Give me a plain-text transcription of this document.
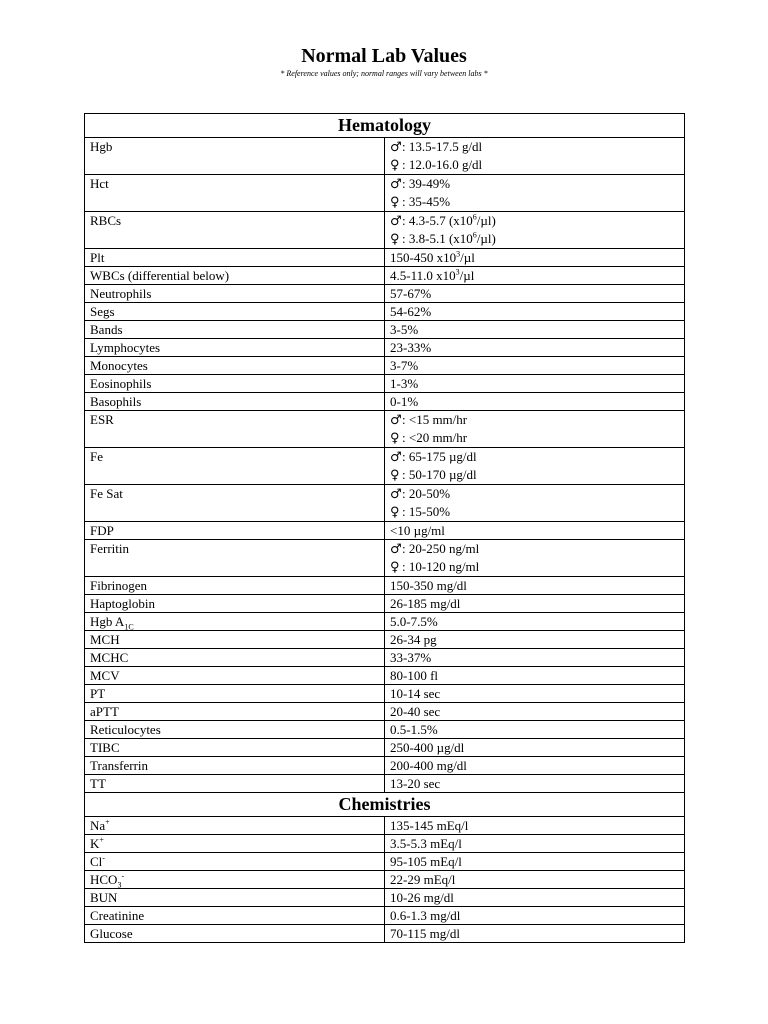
Normal Lab Values
* Reference values only; normal ranges will vary between labs *
Hematology	
Hgb	♂: 13.5-17.5 g/dl
♀ : 12.0-16.0 g/dl

Hct	♂: 39-49%
♀ : 35-45%

RBCs	♂: 4.3-5.7 $(x10^6/\mu l)$
♀ : 3.8-5.1 $(x10^6/\mu l)$

Plt	150-450 $x10^3/\mu l$
WBCs (differential below)	4.5-11.0 $x10^3/\mu l$
Neutrophils	57-67%
Segs	54-62%
Bands	3-5%
Lymphocytes	23-33%
Monocytes	3-7%
Eosinophils	1-3%
Basophils	0-1%
ESR	♂: <15 mm/hr
♀ : <20 mm/hr

Fe	♂: 65-175 µg/dl
♀ : 50-170 µg/dl

Fe Sat	♂: 20-50%
♀ : 15-50%

FDP	<10 µg/ml
Ferritin	♂: 20-250 ng/ml
♀ : 10-120 ng/ml

Fibrinogen	150-350 mg/dl
Haptoglobin	26-185 mg/dl
Hgb $A_{1C}$	5.0-7.5%
MCH	26-34 pg
MCHC	33-37%
MCV	80-100 fl
PT	10-14 sec
aPTT	20-40 sec
Reticulocytes	0.5-1.5%
TIBC	250-400 µg/dl
Transferrin	200-400 mg/dl
TT	13-20 sec
Chemistries	
Na+	135-145 mEq/l
K+	3.5-5.3 mEq/l
Cl-	95-105 mEq/l
$HCO_3^-$	22-29 mEq/l
BUN	10-26 mg/dl
Creatinine	0.6-1.3 mg/dl
Glucose	70-115 mg/dl
